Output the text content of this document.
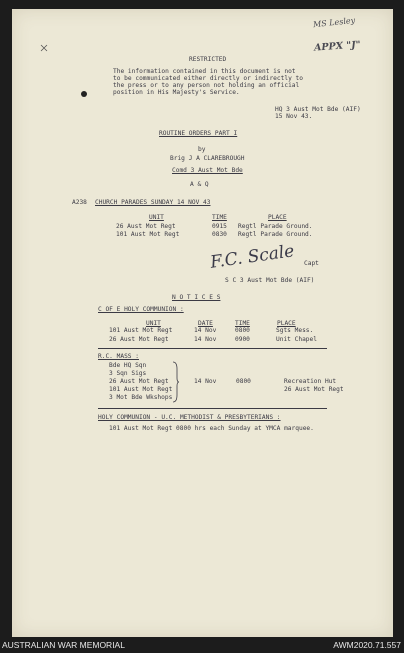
MS Lesley
APPX "J"
RESTRICTED
The information contained in this document is not
to be communicated either directly or indirectly to
the press or to any person not holding an official
position in His Majesty's Service.
HQ 3 Aust Mot Bde (AIF)
15 Nov 43.
ROUTINE ORDERS PART I
by
Brig J A CLAREBROUGH
Comd 3 Aust Mot Bde
A & Q
A238 CHURCH PARADES SUNDAY 14 NOV 43
UNIT	TIME	PLACE
26 Aust Mot Regt	0915 Regtl Parade Ground.
101 Aust Mot Regt	0830 Regtl Parade Ground.
F.C. Scale Capt
S C 3 Aust Mot Bde (AIF)
N O T I C E S
C OF E HOLY COMMUNION :
UNIT	DATE	TIME	PLACE
101 Aust Mot Regt	14 Nov	0800	Sgts Mess.
26 Aust Mot Regt	14 Nov	0900	Unit Chapel
R.C. MASS :
Bde HQ Sqn
3 Sqn Sigs
26 Aust Mot Regt
101 Aust Mot Regt
3 Mot Bde Wkshops
14 Nov	0800	Recreation Hut
26 Aust Mot Regt
HOLY COMMUNION - U.C. METHODIST & PRESBYTERIANS :
101 Aust Mot Regt 0800 hrs each Sunday at YMCA marquee.
AUSTRALIAN WAR MEMORIAL	AWM2020.71.557
